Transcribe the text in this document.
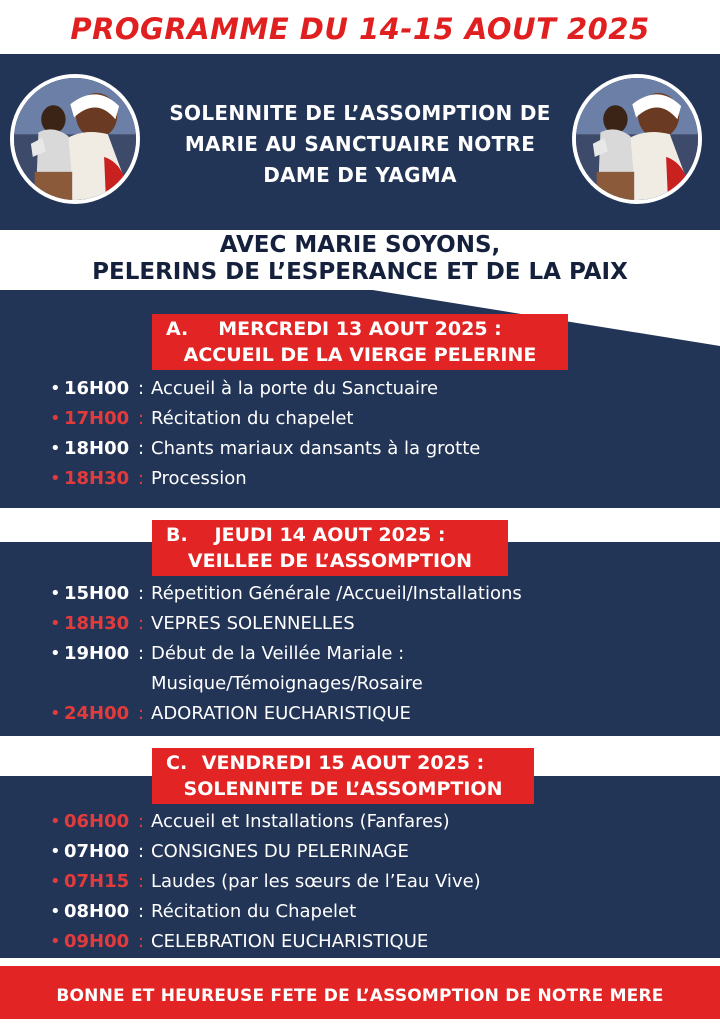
PROGRAMME DU 14-15 AOUT 2025
SOLENNITE DE L’ASSOMPTION DE
MARIE AU SANCTUAIRE NOTRE
DAME DE YAGMA
AVEC MARIE SOYONS,
PELERINS DE L’ESPERANCE ET DE LA PAIX
A.	MERCREDI 13 AOUT 2025 :
ACCUEIL DE LA VIERGE PELERINE
• 16H00 : Accueil à la porte du Sanctuaire
• 17H00 : Récitation du chapelet
• 18H00 : Chants mariaux dansants à la grotte
• 18H30 : Procession
B.	JEUDI 14 AOUT 2025 :
VEILLEE DE L’ASSOMPTION
• 15H00 : Répetition Générale /Accueil/Installations
• 18H30 : VEPRES SOLENNELLES
• 19H00 : Début de la Veillée Mariale :
Musique/Témoignages/Rosaire
• 24H00 : ADORATION EUCHARISTIQUE
C. VENDREDI 15 AOUT 2025 :
SOLENNITE DE L’ASSOMPTION
• 06H00 : Accueil et Installations (Fanfares)
• 07H00 : CONSIGNES DU PELERINAGE
• 07H15 : Laudes (par les sœurs de l’Eau Vive)
• 08H00 : Récitation du Chapelet
• 09H00 : CELEBRATION EUCHARISTIQUE
BONNE ET HEUREUSE FETE DE L’ASSOMPTION DE NOTRE MERE
